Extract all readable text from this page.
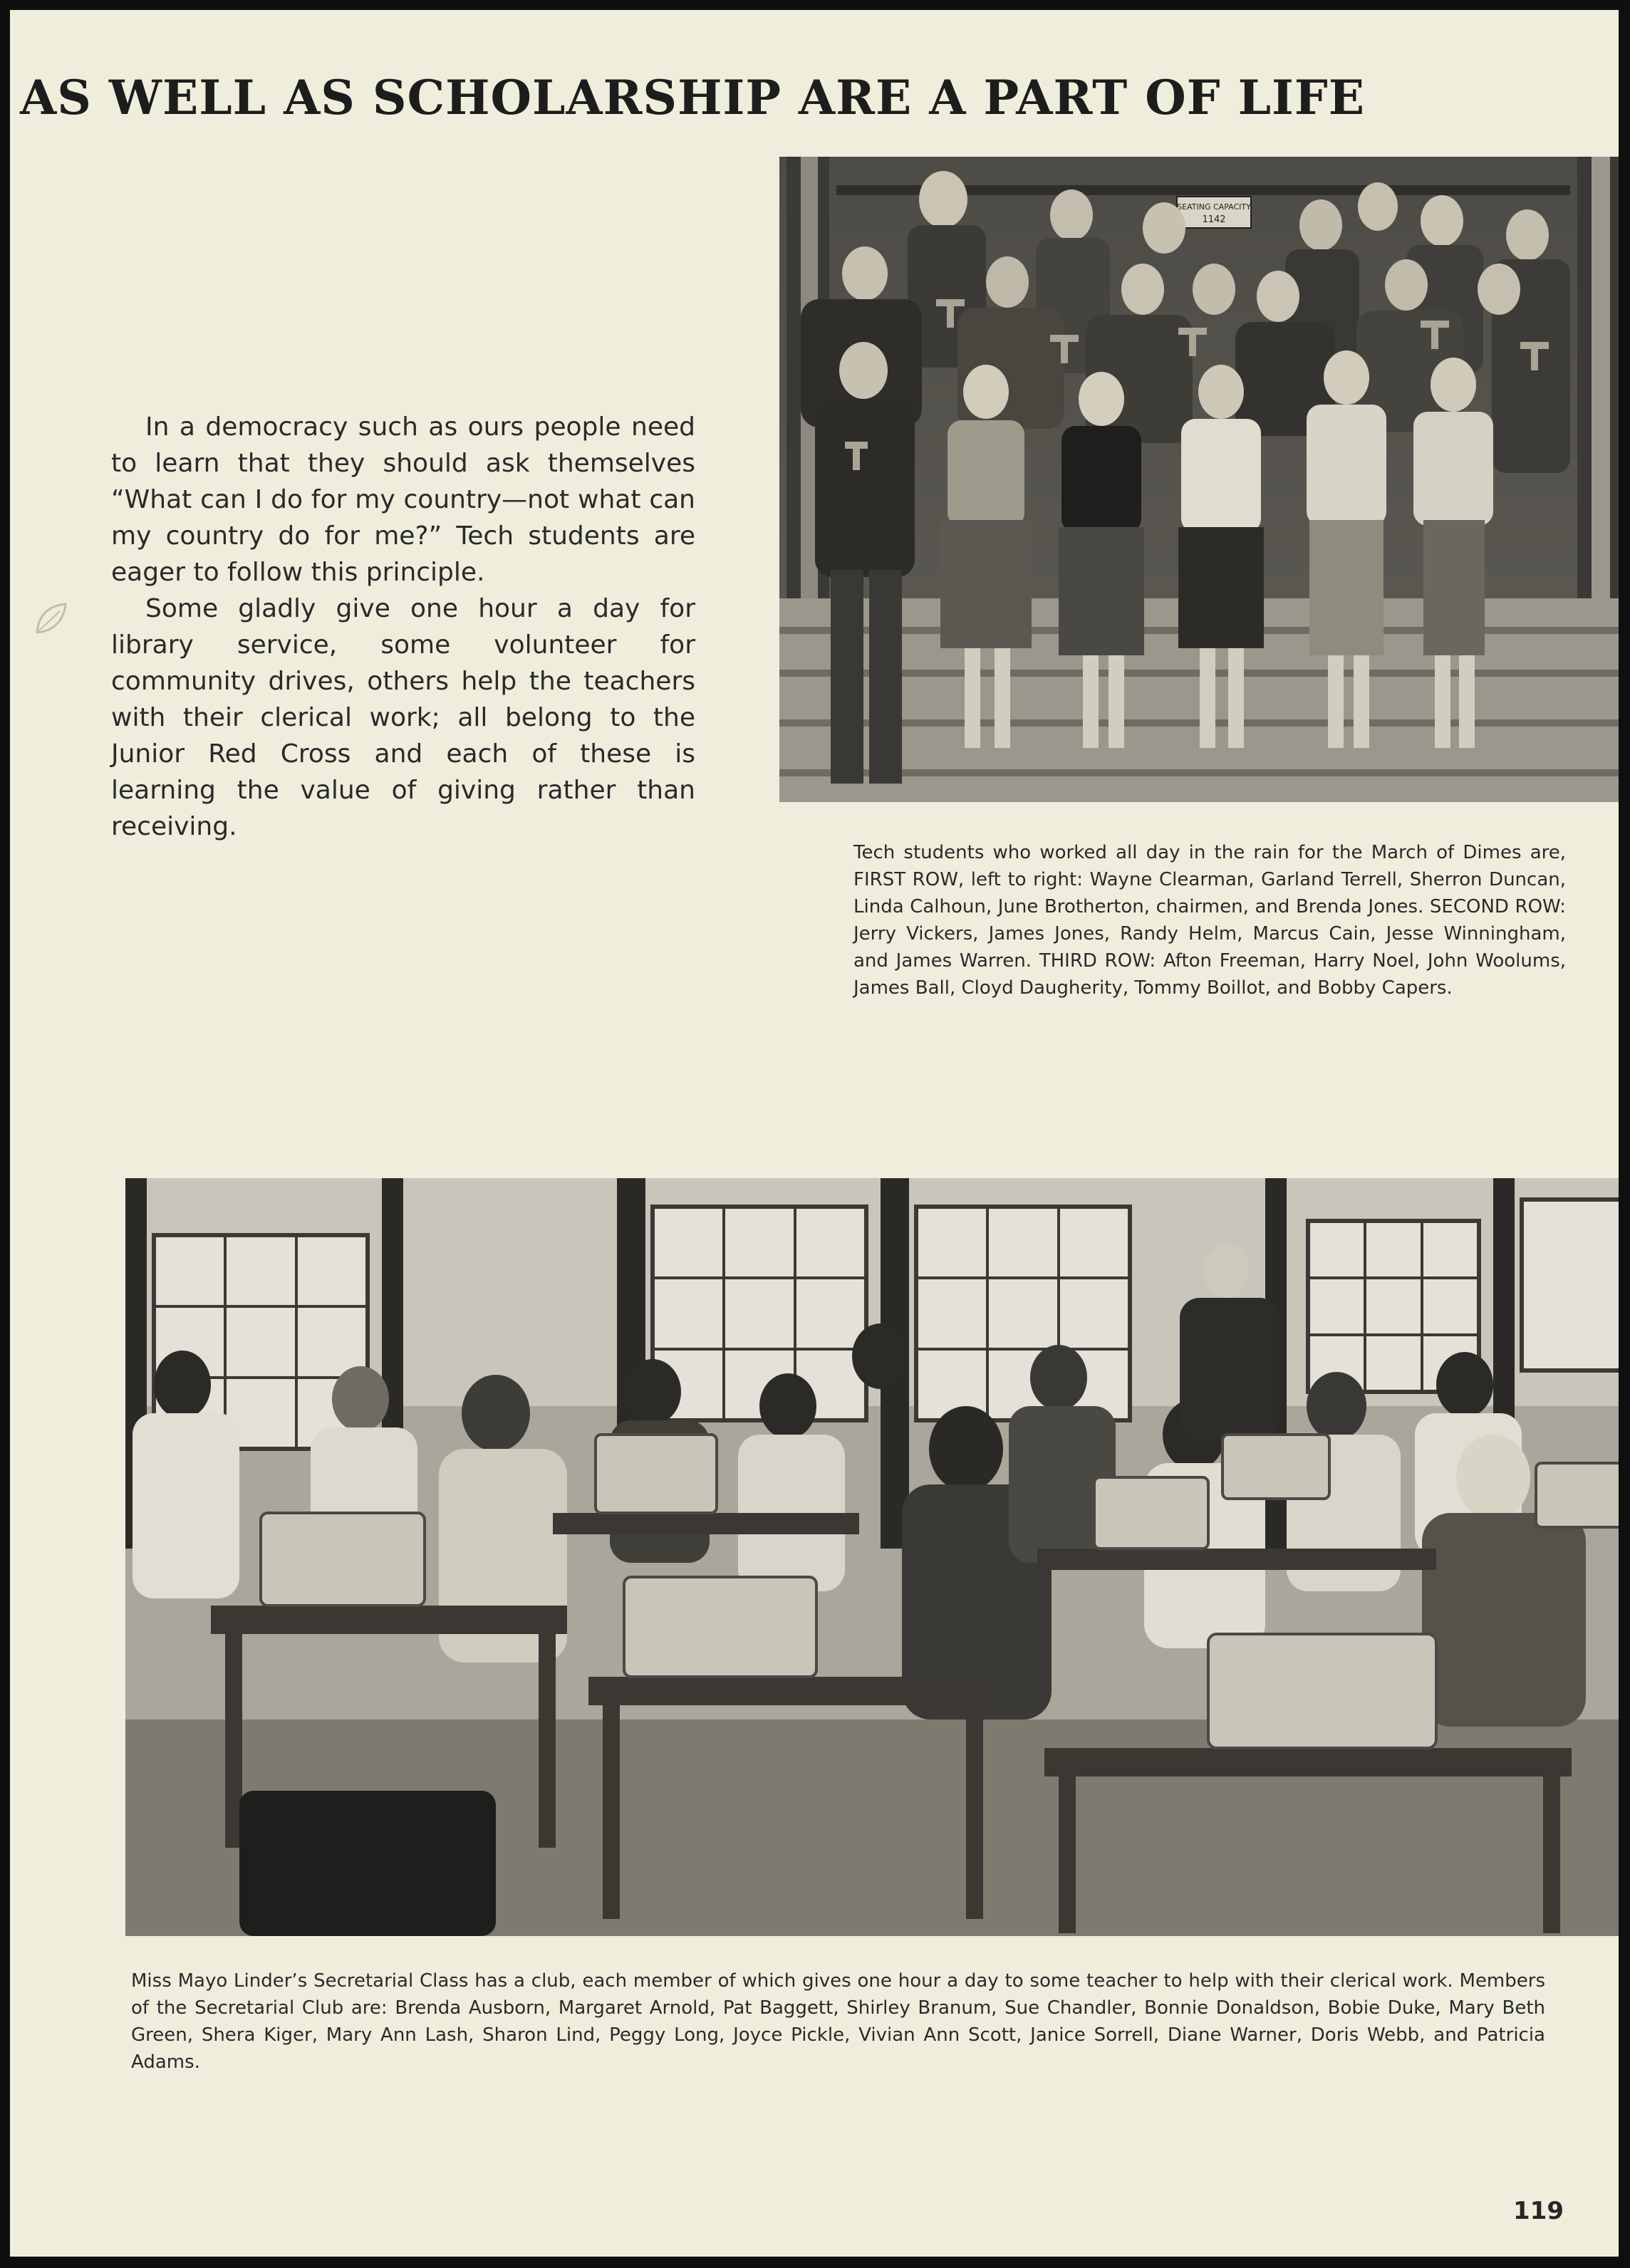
AS WELL AS SCHOLARSHIP ARE A PART OF LIFE

In a democracy such as ours people need to learn that they should ask themselves “What can I do for my country—not what can my country do for me?” Tech students are eager to follow this principle.

Some gladly give one hour a day for library service, some volunteer for community drives, others help the teachers with their clerical work; all belong to the Junior Red Cross and each of these is learning the value of giving rather than receiving.

SEATING CAPACITY
1142

Tech students who worked all day in the rain for the March of Dimes are, FIRST ROW, left to right: Wayne Clearman, Garland Terrell, Sherron Duncan, Linda Calhoun, June Brotherton, chairmen, and Brenda Jones. SECOND ROW: Jerry Vickers, James Jones, Randy Helm, Marcus Cain, Jesse Winningham, and James Warren. THIRD ROW: Afton Freeman, Harry Noel, John Woolums, James Ball, Cloyd Daugherity, Tommy Boillot, and Bobby Capers.

Miss Mayo Linder’s Secretarial Class has a club, each member of which gives one hour a day to some teacher to help with their clerical work. Members of the Secretarial Club are: Brenda Ausborn, Margaret Arnold, Pat Baggett, Shirley Branum, Sue Chandler, Bonnie Donaldson, Bobie Duke, Mary Beth Green, Shera Kiger, Mary Ann Lash, Sharon Lind, Peggy Long, Joyce Pickle, Vivian Ann Scott, Janice Sorrell, Diane Warner, Doris Webb, and Patricia Adams.

119
